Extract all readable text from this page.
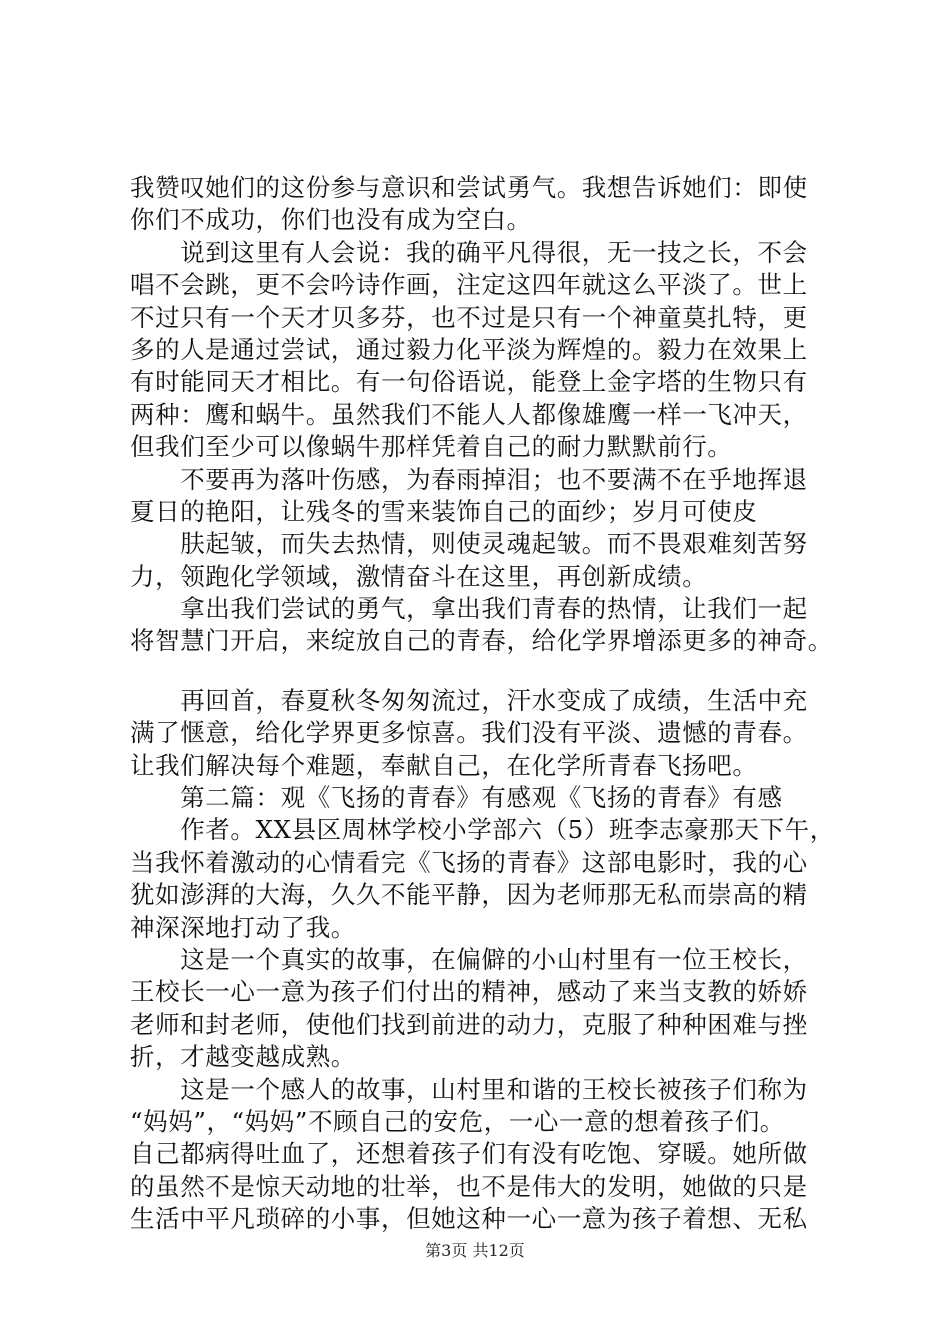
我赞叹她们的这份参与意识和尝试勇气。我想告诉她们：即使
你们不成功，你们也没有成为空白。
　　说到这里有人会说：我的确平凡得很，无一技之长，不会
唱不会跳，更不会吟诗作画，注定这四年就这么平淡了。世上
不过只有一个天才贝多芬，也不过是只有一个神童莫扎特，更
多的人是通过尝试，通过毅力化平淡为辉煌的。毅力在效果上
有时能同天才相比。有一句俗语说，能登上金字塔的生物只有
两种：鹰和蜗牛。虽然我们不能人人都像雄鹰一样一飞冲天，
但我们至少可以像蜗牛那样凭着自己的耐力默默前行。
　　不要再为落叶伤感，为春雨掉泪；也不要满不在乎地挥退
夏日的艳阳，让残冬的雪来装饰自己的面纱；岁月可使皮
　　肤起皱，而失去热情，则使灵魂起皱。而不畏艰难刻苦努
力，领跑化学领域，激情奋斗在这里，再创新成绩。
　　拿出我们尝试的勇气，拿出我们青春的热情，让我们一起
将智慧门开启，来绽放自己的青春，给化学界增添更多的神奇。
　　再回首，春夏秋冬匆匆流过，汗水变成了成绩，生活中充
满了惬意，给化学界更多惊喜。我们没有平淡、遗憾的青春。
让我们解决每个难题，奉献自己，在化学所青春飞扬吧。
　　第二篇：观《飞扬的青春》有感观《飞扬的青春》有感
　　作者。XX县区周林学校小学部六（5）班李志豪那天下午，
当我怀着激动的心情看完《飞扬的青春》这部电影时，我的心
犹如澎湃的大海，久久不能平静，因为老师那无私而崇高的精
神深深地打动了我。
　　这是一个真实的故事，在偏僻的小山村里有一位王校长，
王校长一心一意为孩子们付出的精神，感动了来当支教的娇娇
老师和封老师，使他们找到前进的动力，克服了种种困难与挫
折，才越变越成熟。
　　这是一个感人的故事，山村里和谐的王校长被孩子们称为
“妈妈”，“妈妈”不顾自己的安危，一心一意的想着孩子们。
自己都病得吐血了，还想着孩子们有没有吃饱、穿暖。她所做
的虽然不是惊天动地的壮举，也不是伟大的发明，她做的只是
生活中平凡琐碎的小事，但她这种一心一意为孩子着想、无私
第3页 共12页
